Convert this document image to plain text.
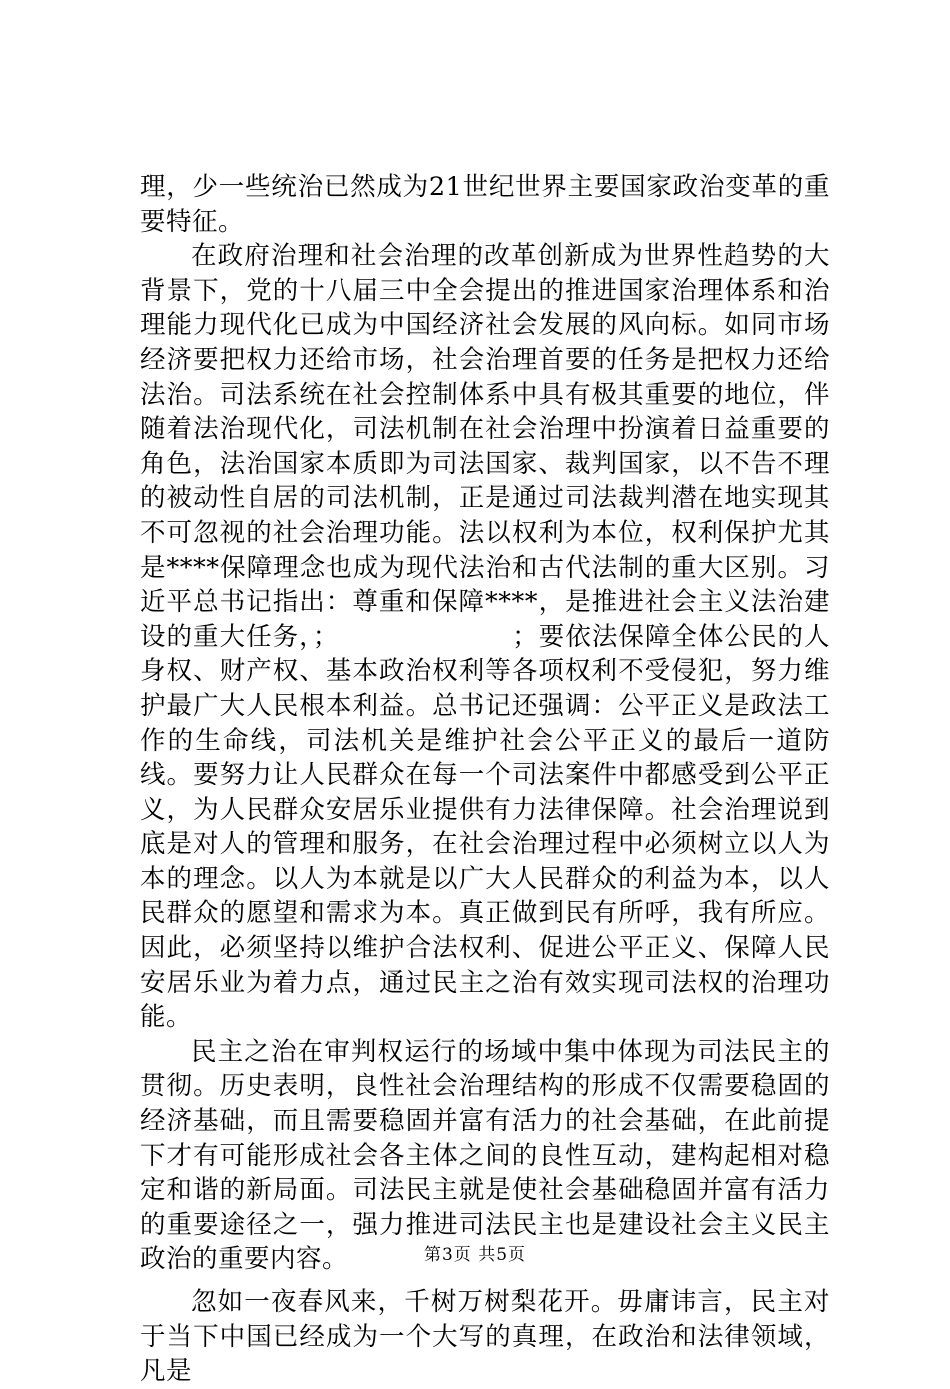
理，少一些统治已然成为21世纪世界主要国家政治变革的重要特征。

在政府治理和社会治理的改革创新成为世界性趋势的大背景下，党的十八届三中全会提出的推进国家治理体系和治理能力现代化已成为中国经济社会发展的风向标。如同市场经济要把权力还给市场，社会治理首要的任务是把权力还给法治。司法系统在社会控制体系中具有极其重要的地位，伴随着法治现代化，司法机制在社会治理中扮演着日益重要的角色，法治国家本质即为司法国家、裁判国家，以不告不理的被动性自居的司法机制，正是通过司法裁判潜在地实现其不可忽视的社会治理功能。法以权利为本位，权利保护尤其是****保障理念也成为现代法治和古代法制的重大区别。习近平总书记指出：尊重和保障****，是推进社会主义法治建设的重大任务，；　　　　　　　；要依法保障全体公民的人身权、财产权、基本政治权利等各项权利不受侵犯，努力维护最广大人民根本利益。总书记还强调：公平正义是政法工作的生命线，司法机关是维护社会公平正义的最后一道防线。要努力让人民群众在每一个司法案件中都感受到公平正义，为人民群众安居乐业提供有力法律保障。社会治理说到底是对人的管理和服务，在社会治理过程中必须树立以人为本的理念。以人为本就是以广大人民群众的利益为本，以人民群众的愿望和需求为本。真正做到民有所呼，我有所应。因此，必须坚持以维护合法权利、促进公平正义、保障人民安居乐业为着力点，通过民主之治有效实现司法权的治理功能。

民主之治在审判权运行的场域中集中体现为司法民主的贯彻。历史表明，良性社会治理结构的形成不仅需要稳固的经济基础，而且需要稳固并富有活力的社会基础，在此前提下才有可能形成社会各主体之间的良性互动，建构起相对稳定和谐的新局面。司法民主就是使社会基础稳固并富有活力的重要途径之一，强力推进司法民主也是建设社会主义民主政治的重要内容。

忽如一夜春风来，千树万树梨花开。毋庸讳言，民主对于当下中国已经成为一个大写的真理，在政治和法律领域，凡是

第3页 共5页
